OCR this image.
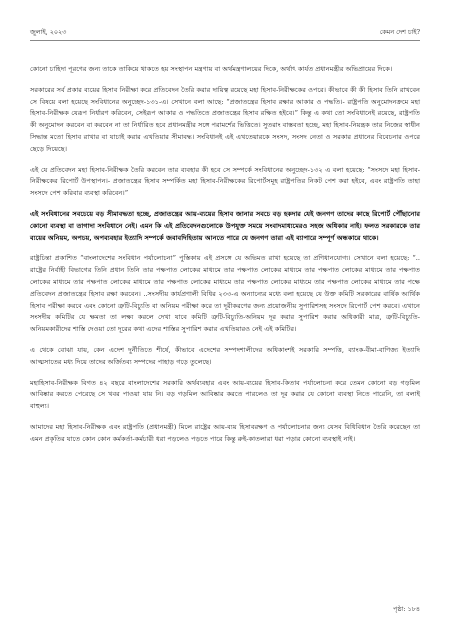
জুলাই, ২০২৩	কেমন দেশ চাই?

কোনো চাহিদা পূরণের জন্য তাকে তাকিয়ে থাকতে হয় সংস্থাপন মন্ত্রণায় বা অর্থমন্ত্রণালয়ের দিকে, অর্থাৎ কার্যত প্রধানমন্ত্রীর অভিপ্রায়ের দিকে।

সরকারের সর্ব প্রকার ব্যয়ের হিসাব নিরীক্ষা করে প্রতিবেদন তৈরি করার দায়িত্ব রয়েছে মহা হিসাব-নিরীক্ষকের ওপরে। কীভাবে কী কী হিসাব তিনি রাখবেন সে বিষয়ে বলা হয়েছে সংবিধানের অনুচ্ছেদ-১৩১-এ। সেখানে বলা আছে: “প্রজাতন্ত্রের হিসাব রক্ষার আকার ও পদ্ধতি।- রাষ্ট্রপতি অনুমোদনক্রমে মহা হিসাব-নিরীক্ষক যেরূপ নির্ধারণ করিবেন, সেইরূপ আকার ও পদ্ধতিতে প্রজাতন্ত্রের হিসাব রক্ষিত হইবে।” কিন্তু এ কথা তো সংবিধানেই রয়েছে, রাষ্ট্রপতি কী অনুমোদন করবেন বা করবেন না তা নির্ধারিত হবে প্রধানমন্ত্রীর সঙ্গে পরামর্শের ভিত্তিতে। সুতরাং বাস্তবতা হচ্ছে, মহা হিসাব-নিয়ন্ত্রক তার নিজের স্বাধীন সিদ্ধান্ত মতো হিসাব রাখার বা যাচাই করার এখতিয়ার সীমাবদ্ধ। সংবিধানই এই এখতেয়ারকে সংসদ, সংসদ নেতা ও সরকার প্রধানের বিবেচনার ওপরে ছেড়ে দিয়েছে।

এই যে প্রতিবেদন মহা হিসাব-নিরীক্ষক তৈরি করবেন তার ব্যবহার কী হবে সে সম্পর্কে সংবিধানের অনুচ্ছেদ-১৩২ এ বলা হয়েছে: “সংসদে মহা হিসাব-নিরীক্ষকের রিপোর্ট উপস্থাপন।- প্রজাতন্ত্রের হিসাব সম্পর্কিত মহা হিসাব-নিরীক্ষকের রিপোর্টসমূহ রাষ্ট্রপতির নিকট পেশ করা হইবে, এবং রাষ্ট্রপতি তাহা সংসদে পেশ করিবার ব্যবস্থা করিবেন।”

এই সংবিধানের সবচেয়ে বড় সীমাবদ্ধতা হচ্ছে, প্রজাতন্ত্রের আয়-ব্যয়ের হিসাব জানার সবচে বড় হকদার যেই জনগণ তাদের কাছে রিপোর্ট পৌঁছানোর কোনো ব্যবস্থা বা তাগাদা সংবিধানে নেই। এমন কি এই প্রতিবেদনগুলোকে উপযুক্ত সময়ে সংবাদমাধ্যমেরও সহজ অধিকার নাই। ফলত সরকারকে তার ব্যয়ের অনিয়ম, অপচয়, অপব্যবহার ইত্যাদি সম্পর্কে জবাবদিহিতায় আনতে পারে যে জনগণ তারা এই ব্যাপারে সম্পূর্ণ অন্ধকারে থাকে।

রাষ্ট্রচিন্তা প্রকাশিত “বাংলাদেশের সংবিধান পর্যালোচনা” পুস্তিকায় এই প্রসঙ্গে যে অভিমত রাখা হয়েছে তা প্রণিধানযোগ্য। সেখানে বলা হয়েছে: “.. রাষ্ট্রের নির্বাহী বিভাগের তিনি প্রধান তিনি তার পক্ষপাত লোকের মাধ্যমে তার পক্ষপাত লোকের মাধ্যমে তার পক্ষপাত লোকের মাধ্যমে তার পক্ষপাত লোকের মাধ্যমে তার পক্ষপাত লোকের মাধ্যমে তার পক্ষপাত লোকের মাধ্যমে তার পক্ষপাত লোকের মাধ্যমে তার পক্ষপাত লোকের মাধ্যমে তার পক্ষে প্রতিবেদন প্রজাতন্ত্রের হিসাব রক্ষা করবেন। ..সংসদীয় কার্যপ্রণালী বিধির ২৩৩-এ অন্যান্যের মধ্যে বলা হয়েছে যে উক্ত কমিটি সরকারের বার্ষিক আর্থিক হিসাব পরীক্ষা করবে এবং কোনো ত্রুটি-বিচ্যুতি বা অনিয়ম পরীক্ষা করে তা দূরীকরণের জন্য প্রয়োজনীয় সুপারিশসহ সংসদে রিপোর্ট পেশ করবে। এখানে সংসদীয় কমিটির যে ক্ষমতা তা লক্ষ্য করলে দেখা যাবে কমিটি ত্রুটি-বিচ্যুতি-অনিয়ম দূর করার সুপারিশ করার অধিকারী মাত্র, ত্রুটি-বিচ্যুতি-অনিয়মকারীদের শাস্তি দেওয়া তো দূরের কথা এদের শাস্তির সুপারিশ করার এখতিয়ারও নেই এই কমিটির।

এ থেকে বোঝা যায়, কেন এদেশ দুর্নীতিতে শীর্ষে, কীভাবে এদেশের সম্পদশালীদের অধিকাংশই সরকারি সম্পত্তি, ব্যাংক-বীমা-বাণিজ্য ইত্যাদি আত্মসাতের মধ্য দিয়ে তাদের অর্জিতব্য সম্পদের পাহাড় গড়ে তুলেছে।

মহাহিসাব-নিরীক্ষক বিগত ৪২ বছরে বাংলাদেশের সরকারি অর্থব্যবহার এবং আয়-ব্যয়ের হিসাব-কিতাব পর্যালোচনা করে তেমন কোনো বড় গড়মিল আবিষ্কার করতে পেরেছে সে খবর পাওয়া যায় নি। বড় গড়মিল আবিষ্কার করতে পারলেও তা দূর করার যে কোনো ব্যবস্থা নিতে পারেনি, তা বলাই বাহুল্য।

আমাদের মহা হিসাব-নিরীক্ষক এবং রাষ্ট্রপতি (প্রধানমন্ত্রী) মিলে রাষ্ট্রের আয়-ব্যয় হিসাবরক্ষণ ও পর্যালোচনার জন্য যেসব বিধিবিধান তৈরি করেছেন তা এমন প্রকৃতির যাতে কোন কোন কর্মকর্তা-কর্মচারী ধরা পড়লেও পড়তে পারে কিন্তু রুই-কাতলারা ধরা পড়ার কোনো ব্যবস্থাই নাই।

পৃষ্ঠা: ১৮৪
